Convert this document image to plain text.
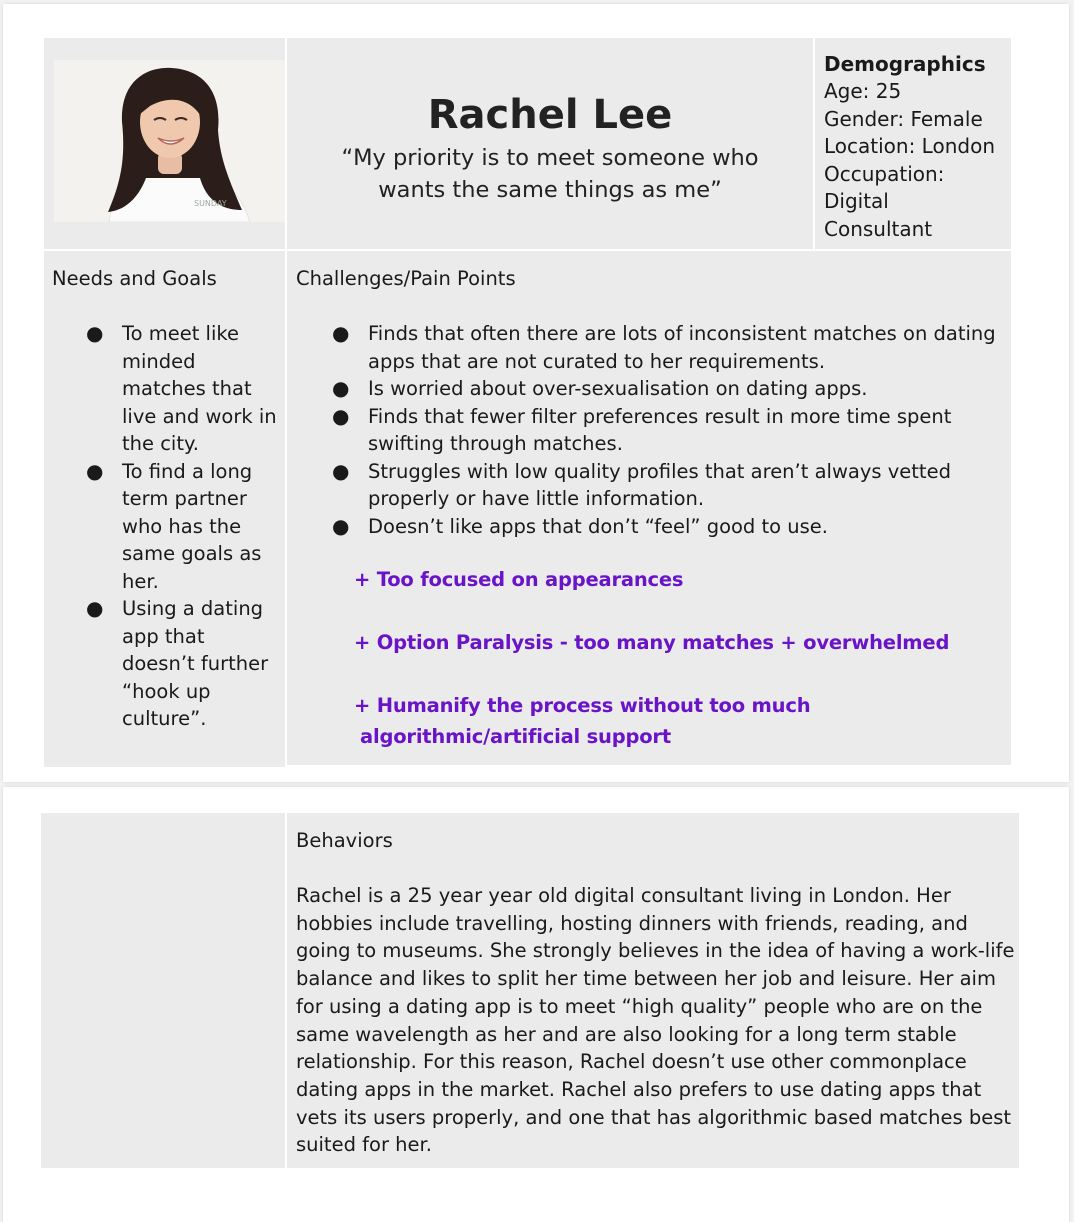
SUNDAY
Rachel Lee
“My priority is to meet someone who wants the same things as me”
Demographics
Age: 25
Gender: Female
Location: London
Occupation:
Digital
Consultant
Needs and Goals
● To meet like minded matches that live and work in the city.
● To find a long term partner who has the same goals as her.
● Using a dating app that doesn’t further “hook up culture”.
Challenges/Pain Points
● Finds that often there are lots of inconsistent matches on dating apps that are not curated to her requirements.
● Is worried about over-sexualisation on dating apps.
● Finds that fewer filter preferences result in more time spent swifting through matches.
● Struggles with low quality profiles that aren’t always vetted properly or have little information.
● Doesn’t like apps that don’t “feel” good to use.
+ Too focused on appearances
+ Option Paralysis - too many matches + overwhelmed
+ Humanify the process without too much
algorithmic/artificial support
Behaviors
Rachel is a 25 year year old digital consultant living in London. Her hobbies include travelling, hosting dinners with friends, reading, and going to museums. She strongly believes in the idea of having a work-life balance and likes to split her time between her job and leisure. Her aim for using a dating app is to meet “high quality” people who are on the same wavelength as her and are also looking for a long term stable relationship. For this reason, Rachel doesn’t use other commonplace dating apps in the market. Rachel also prefers to use dating apps that vets its users properly, and one that has algorithmic based matches best suited for her.
